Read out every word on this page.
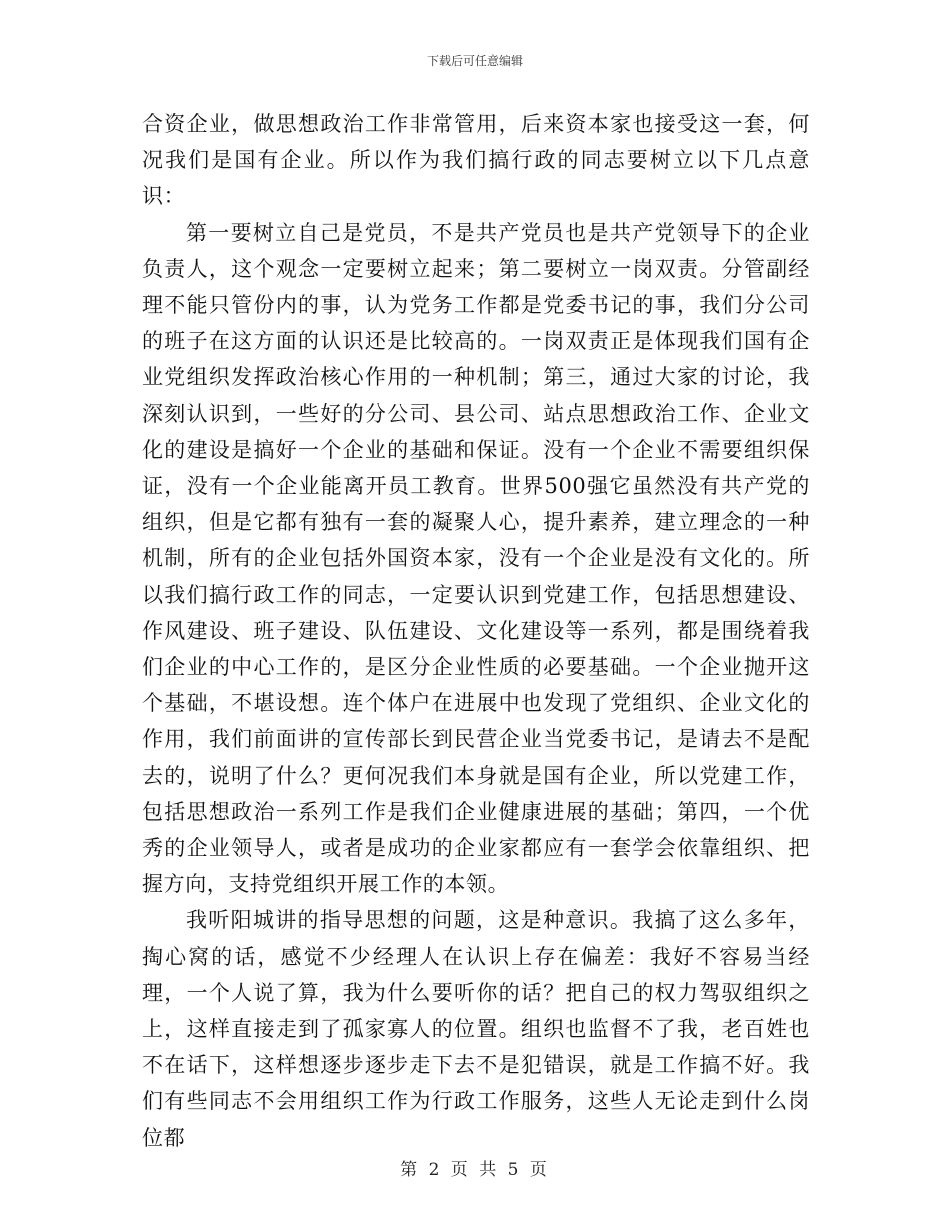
下载后可任意编辑

合资企业，做思想政治工作非常管用，后来资本家也接受这一套，何况我们是国有企业。所以作为我们搞行政的同志要树立以下几点意识：

第一要树立自己是党员，不是共产党员也是共产党领导下的企业负责人，这个观念一定要树立起来；第二要树立一岗双责。分管副经理不能只管份内的事，认为党务工作都是党委书记的事，我们分公司的班子在这方面的认识还是比较高的。一岗双责正是体现我们国有企业党组织发挥政治核心作用的一种机制；第三，通过大家的讨论，我深刻认识到，一些好的分公司、县公司、站点思想政治工作、企业文化的建设是搞好一个企业的基础和保证。没有一个企业不需要组织保证，没有一个企业能离开员工教育。世界500强它虽然没有共产党的组织，但是它都有独有一套的凝聚人心，提升素养，建立理念的一种机制，所有的企业包括外国资本家，没有一个企业是没有文化的。所以我们搞行政工作的同志，一定要认识到党建工作，包括思想建设、作风建设、班子建设、队伍建设、文化建设等一系列，都是围绕着我们企业的中心工作的，是区分企业性质的必要基础。一个企业抛开这个基础，不堪设想。连个体户在进展中也发现了党组织、企业文化的作用，我们前面讲的宣传部长到民营企业当党委书记，是请去不是配去的，说明了什么？更何况我们本身就是国有企业，所以党建工作，包括思想政治一系列工作是我们企业健康进展的基础；第四，一个优秀的企业领导人，或者是成功的企业家都应有一套学会依靠组织、把握方向，支持党组织开展工作的本领。

我听阳城讲的指导思想的问题，这是种意识。我搞了这么多年，掏心窝的话，感觉不少经理人在认识上存在偏差：我好不容易当经理，一个人说了算，我为什么要听你的话？把自己的权力驾驭组织之上，这样直接走到了孤家寡人的位置。组织也监督不了我，老百姓也不在话下，这样想逐步逐步走下去不是犯错误，就是工作搞不好。我们有些同志不会用组织工作为行政工作服务，这些人无论走到什么岗位都

第 2 页 共 5 页
